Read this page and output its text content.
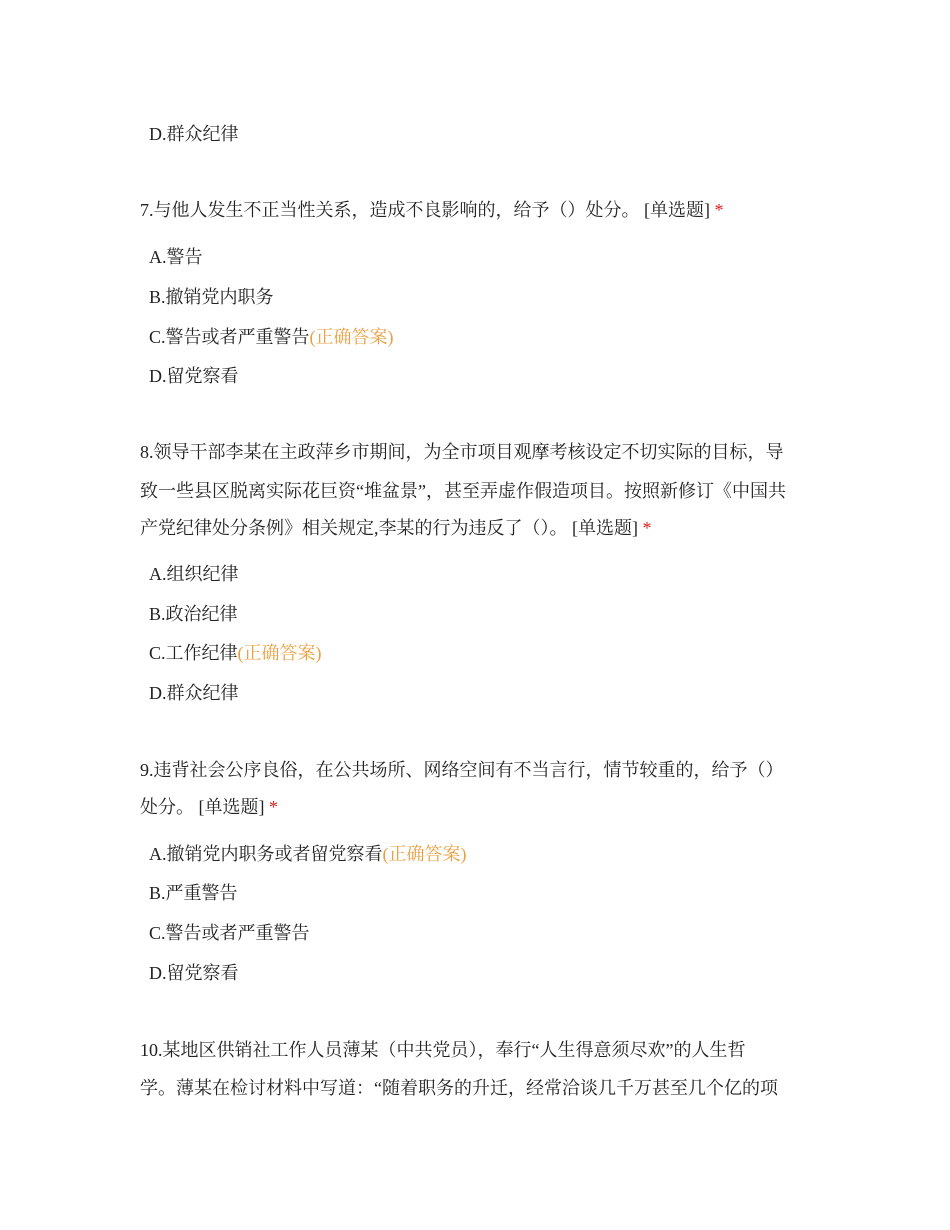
D.群众纪律
7.与他人发生不正当性关系，造成不良影响的，给予（）处分。 [单选题] *
A.警告
B.撤销党内职务
C.警告或者严重警告(正确答案)
D.留党察看
8.领导干部李某在主政萍乡市期间，为全市项目观摩考核设定不切实际的目标，导
致一些县区脱离实际花巨资“堆盆景”，甚至弄虚作假造项目。按照新修订《中国共
产党纪律处分条例》相关规定,李某的行为违反了（）。 [单选题] *
A.组织纪律
B.政治纪律
C.工作纪律(正确答案)
D.群众纪律
9.违背社会公序良俗，在公共场所、网络空间有不当言行，情节较重的，给予（）
处分。 [单选题] *
A.撤销党内职务或者留党察看(正确答案)
B.严重警告
C.警告或者严重警告
D.留党察看
10.某地区供销社工作人员薄某（中共党员），奉行“人生得意须尽欢”的人生哲
学。薄某在检讨材料中写道：“随着职务的升迁，经常洽谈几千万甚至几个亿的项
